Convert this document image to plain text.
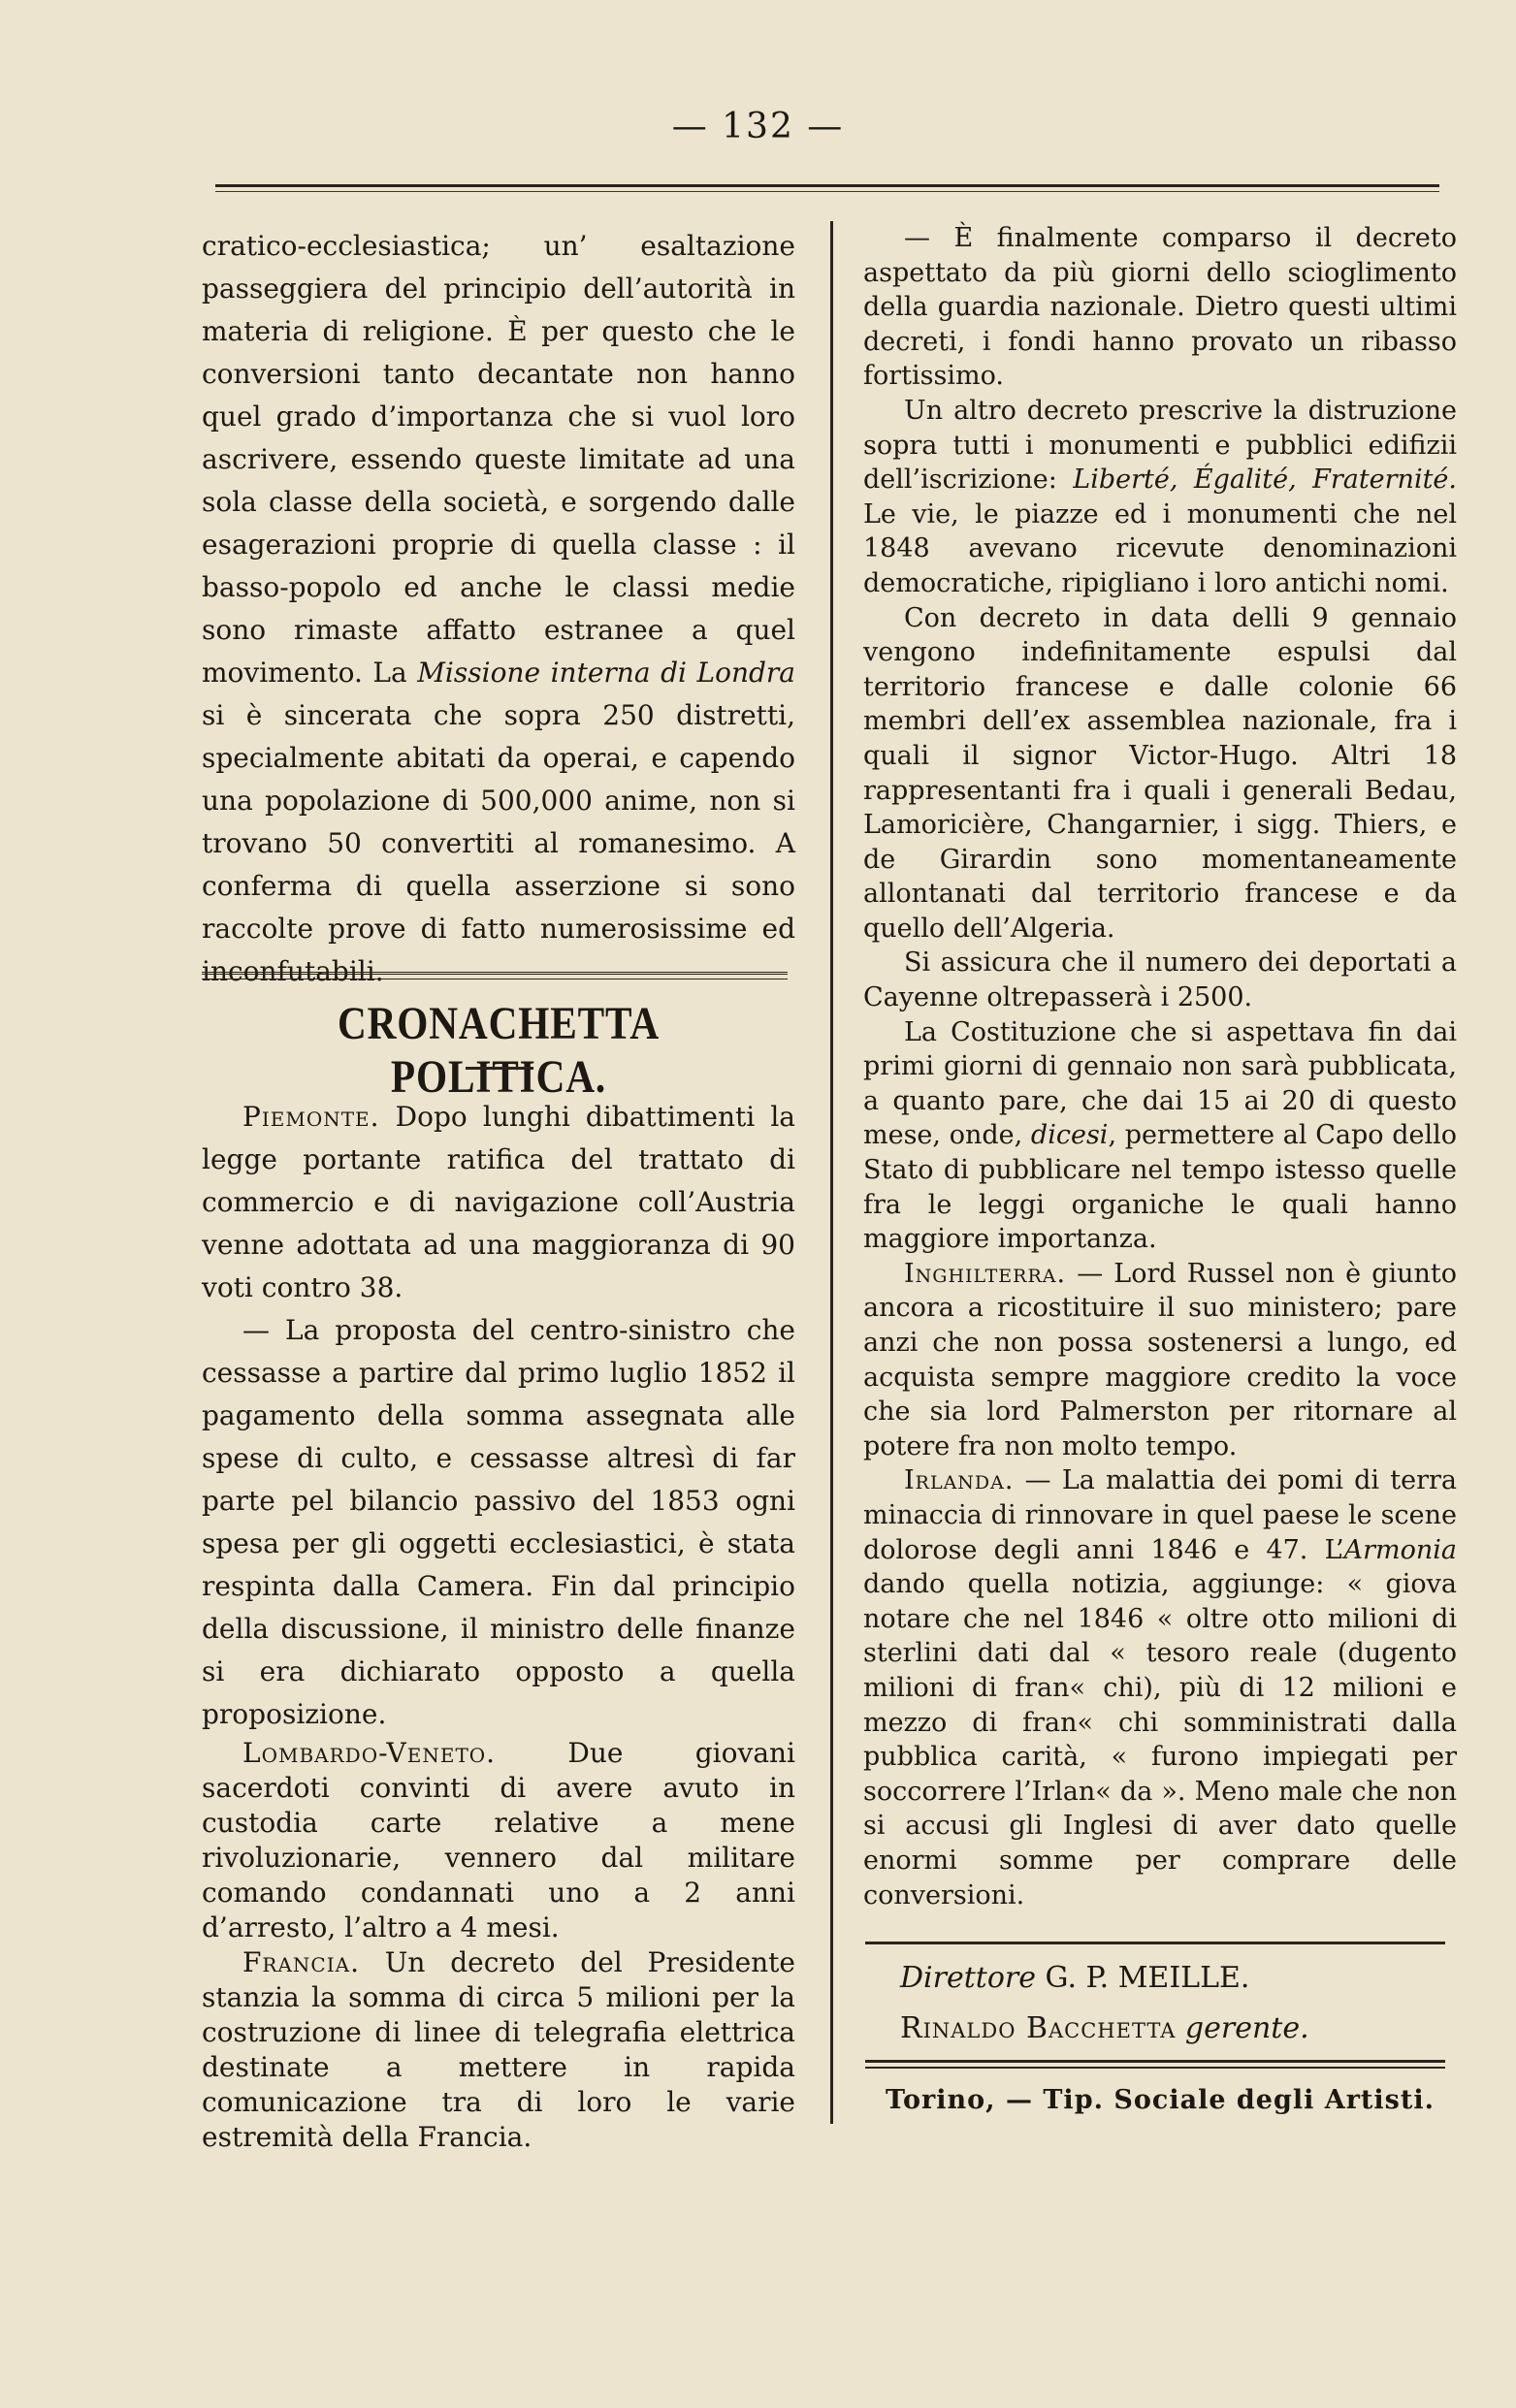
— 132 —

cratico-ecclesiastica; un’ esaltazione passeggiera del principio dell’autorità in materia di religione. È per questo che le conversioni tanto decantate non hanno quel grado d’importanza che si vuol loro ascrivere, essendo queste limitate ad una sola classe della società, e sorgendo dalle esagerazioni proprie di quella classe : il basso-popolo ed anche le classi medie sono rimaste affatto estranee a quel movimento. La Missione interna di Londra si è sincerata che sopra 250 distretti, specialmente abitati da operai, e capendo una popolazione di 500,000 anime, non si trovano 50 convertiti al romanesimo. A conferma di quella asserzione si sono raccolte prove di fatto numerosissime ed inconfutabili.

CRONACHETTA POLITICA.

Piemonte. Dopo lunghi dibattimenti la legge portante ratifica del trattato di commercio e di navigazione coll’Austria venne adottata ad una maggioranza di 90 voti contro 38.

— La proposta del centro-sinistro che cessasse a partire dal primo luglio 1852 il pagamento della somma assegnata alle spese di culto, e cessasse altresì di far parte pel bilancio passivo del 1853 ogni spesa per gli oggetti ecclesiastici, è stata respinta dalla Camera. Fin dal principio della discussione, il ministro delle finanze si era dichiarato opposto a quella proposizione.

Lombardo-Veneto. Due giovani sacerdoti convinti di avere avuto in custodia carte relative a mene rivoluzionarie, vennero dal militare comando condannati uno a 2 anni d’arresto, l’altro a 4 mesi.

Francia. Un decreto del Presidente stanzia la somma di circa 5 milioni per la costruzione di linee di telegrafia elettrica destinate a mettere in rapida comunicazione tra di loro le varie estremità della Francia.

— È finalmente comparso il decreto aspettato da più giorni dello scioglimento della guardia nazionale. Dietro questi ultimi decreti, i fondi hanno provato un ribasso fortissimo.

Un altro decreto prescrive la distruzione sopra tutti i monumenti e pubblici edifizii dell’iscrizione: Liberté, Égalité, Fraternité. Le vie, le piazze ed i monumenti che nel 1848 avevano ricevute denominazioni democratiche, ripigliano i loro antichi nomi.

Con decreto in data delli 9 gennaio vengono indefinitamente espulsi dal territorio francese e dalle colonie 66 membri dell’ex assemblea nazionale, fra i quali il signor Victor-Hugo. Altri 18 rappresentanti fra i quali i generali Bedau, Lamoricière, Changarnier, i sigg. Thiers, e de Girardin sono momentaneamente allontanati dal territorio francese e da quello dell’Algeria.

Si assicura che il numero dei deportati a Cayenne oltrepasserà i 2500.

La Costituzione che si aspettava fin dai primi giorni di gennaio non sarà pubblicata, a quanto pare, che dai 15 ai 20 di questo mese, onde, dicesi, permettere al Capo dello Stato di pubblicare nel tempo istesso quelle fra le leggi organiche le quali hanno maggiore importanza.

Inghilterra. — Lord Russel non è giunto ancora a ricostituire il suo ministero; pare anzi che non possa sostenersi a lungo, ed acquista sempre maggiore credito la voce che sia lord Palmerston per ritornare al potere fra non molto tempo.

Irlanda. — La malattia dei pomi di terra minaccia di rinnovare in quel paese le scene dolorose degli anni 1846 e 47. L’Armonia dando quella notizia, aggiunge: « giova notare che nel 1846 « oltre otto milioni di sterlini dati dal « tesoro reale (dugento milioni di fran« chi), più di 12 milioni e mezzo di fran« chi somministrati dalla pubblica carità, « furono impiegati per soccorrere l’Irlan« da ». Meno male che non si accusi gli Inglesi di aver dato quelle enormi somme per comprare delle conversioni.

Direttore G. P. MEILLE.
Rinaldo Bacchetta gerente.
Torino, — Tip. Sociale degli Artisti.
